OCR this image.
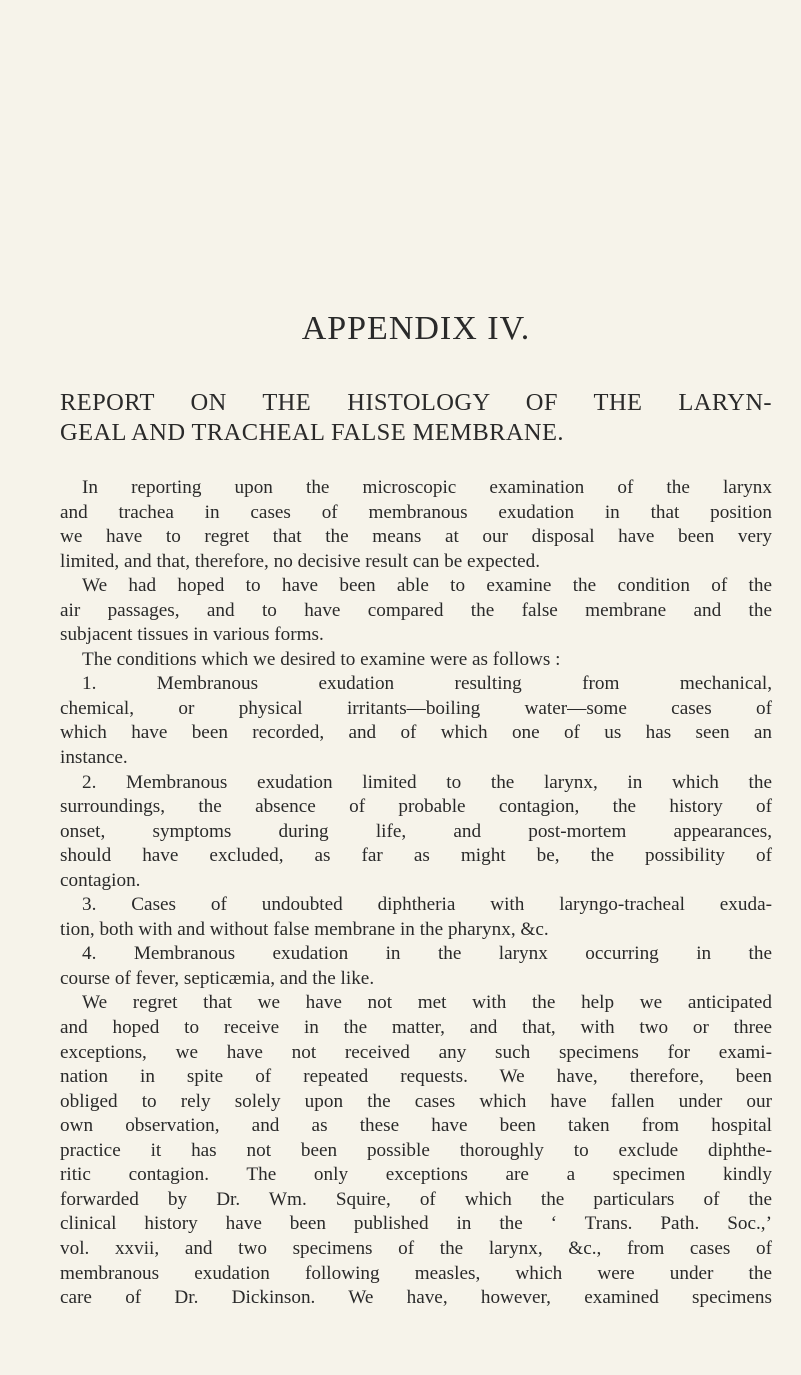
APPENDIX IV.
REPORT ON THE HISTOLOGY OF THE LARYN-
GEAL AND TRACHEAL FALSE MEMBRANE.
In reporting upon the microscopic examination of the larynx
and trachea in cases of membranous exudation in that position
we have to regret that the means at our disposal have been very
limited, and that, therefore, no decisive result can be expected.
We had hoped to have been able to examine the condition of the
air passages, and to have compared the false membrane and the
subjacent tissues in various forms.
The conditions which we desired to examine were as follows :
1. Membranous exudation resulting from mechanical,
chemical, or physical irritants—boiling water—some cases of
which have been recorded, and of which one of us has seen an
instance.
2. Membranous exudation limited to the larynx, in which the
surroundings, the absence of probable contagion, the history of
onset, symptoms during life, and post-mortem appearances,
should have excluded, as far as might be, the possibility of
contagion.
3. Cases of undoubted diphtheria with laryngo-tracheal exuda-
tion, both with and without false membrane in the pharynx, &c.
4. Membranous exudation in the larynx occurring in the
course of fever, septicæmia, and the like.
We regret that we have not met with the help we anticipated
and hoped to receive in the matter, and that, with two or three
exceptions, we have not received any such specimens for exami-
nation in spite of repeated requests. We have, therefore, been
obliged to rely solely upon the cases which have fallen under our
own observation, and as these have been taken from hospital
practice it has not been possible thoroughly to exclude diphthe-
ritic contagion. The only exceptions are a specimen kindly
forwarded by Dr. Wm. Squire, of which the particulars of the
clinical history have been published in the ‘ Trans. Path. Soc.,’
vol. xxvii, and two specimens of the larynx, &c., from cases of
membranous exudation following measles, which were under the
care of Dr. Dickinson. We have, however, examined specimens
